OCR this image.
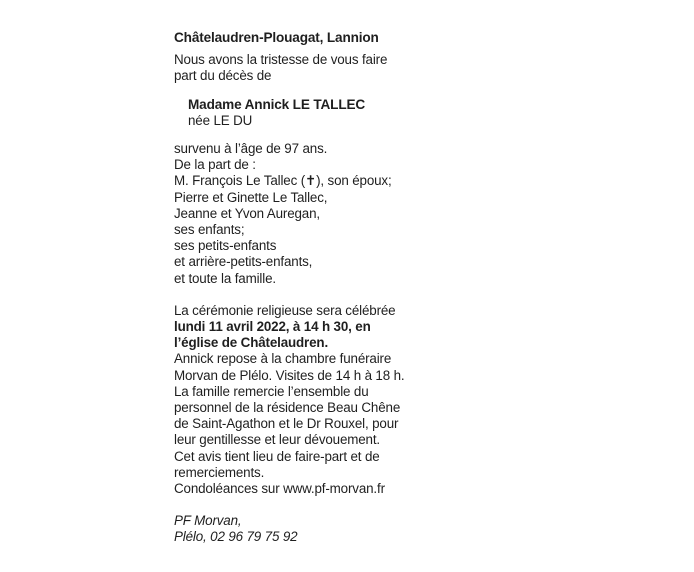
Châtelaudren-Plouagat, Lannion
Nous avons la tristesse de vous faire
part du décès de
Madame Annick LE TALLEC
née LE DU
survenu à l’âge de 97 ans.
De la part de :
M. François Le Tallec (✝), son époux;
Pierre et Ginette Le Tallec,
Jeanne et Yvon Auregan,
ses enfants;
ses petits-enfants
et arrière-petits-enfants,
et toute la famille.
La cérémonie religieuse sera célébrée
lundi 11 avril 2022, à 14 h 30, en
l’église de Châtelaudren.
Annick repose à la chambre funéraire
Morvan de Plélo. Visites de 14 h à 18 h.
La famille remercie l’ensemble du
personnel de la résidence Beau Chêne
de Saint-Agathon et le Dr Rouxel, pour
leur gentillesse et leur dévouement.
Cet avis tient lieu de faire-part et de
remerciements.
Condoléances sur www.pf-morvan.fr
PF Morvan,
Plélo, 02 96 79 75 92
